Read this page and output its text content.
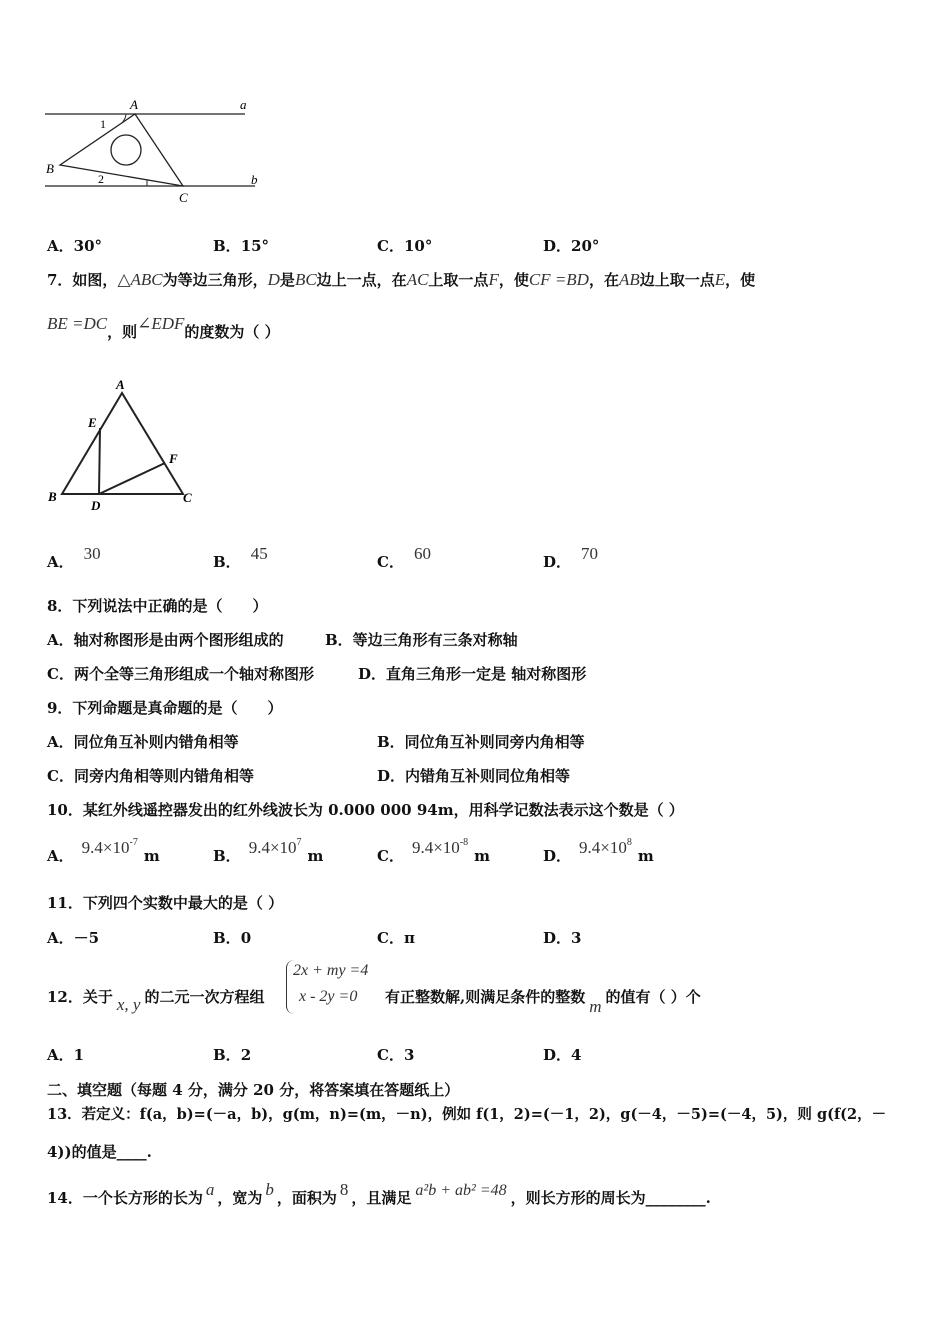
A	a
1
B
2	b
C
A．30°	B．15°	C．10°	D．20°
7．如图，△ABC为等边三角形，D是BC边上一点，在AC上取一点F，使CF =BD，在AB边上取一点E，使
BE =DC，则∠EDF的度数为（ ）
A
E
F
B
D
C
A． 30	B． 45	C． 60	D． 70
8．下列说法中正确的是（　　）
A．轴对称图形是由两个图形组成的	B．等边三角形有三条对称轴
C．两个全等三角形组成一个轴对称图形	D．直角三角形一定是 轴对称图形
9．下列命题是真命题的是（　　）
A．同位角互补则内错角相等	B．同位角互补则同旁内角相等
C．同旁内角相等则内错角相等	D．内错角互补则同位角相等
10．某红外线遥控器发出的红外线波长为 0.000 000 94m，用科学记数法表示这个数是（ ）
A． $9.4\times 10^{-7}m$	B． $9.4\times 10^7m$	C． $9.4\times 10^{-8}m$	D． $9.4\times 10^8m$
11．下列四个实数中最大的是（ ）
A．－5	B．0	C．π	D．3
12．关于 x, y 的二元一次方程组
2x + my =4
x - 2y =0 有正整数解,则满足条件的整数 m 的值有（ ）个
A．1	B．2	C．3	D．4
二、填空题（每题 4 分，满分 20 分，将答案填在答题纸上）
13．若定义：f(a，b)=(－a，b)，g(m，n)=(m，－n)，例如 f(1，2)=(－1，2)，g(－4，－5)=(－4，5)，则 g(f(2，－
4))的值是____.
14．一个长方形的长为 a ，宽为 b ，面积为 8 ，且满足 a²b + ab² =48 ，则长方形的周长为________.
